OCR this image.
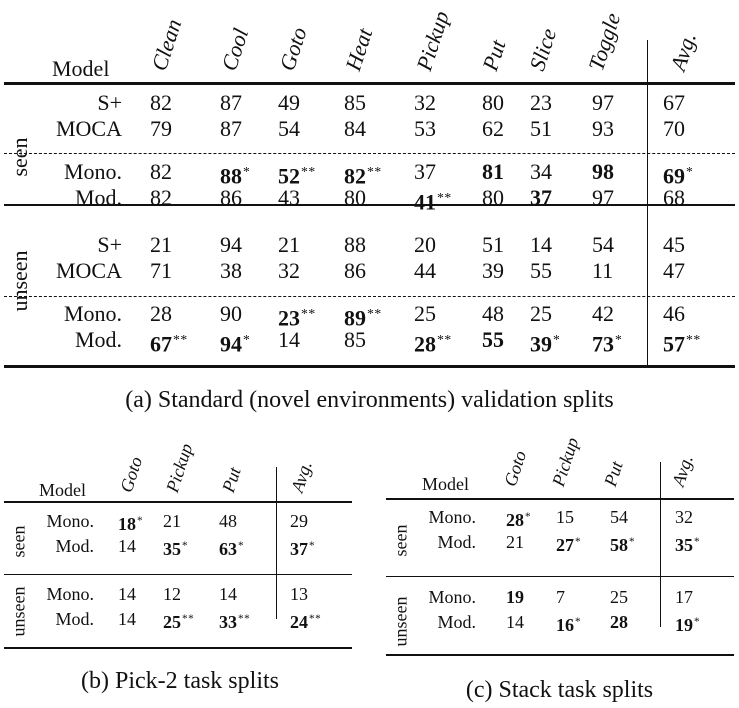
Model	Clean Cool Goto Heat Pickup Put Slice Toggle Avg.
seen
unseen
S+ 82 87 49 85 32 80 23 97 67
MOCA 79 87 54 84 53 62 51 93 70
Mono. 82 88* 52** 82** 37 81 34 98 69*
Mod. 82 86 43 80 41** 80 37 97 68
S+ 21 94 21 88 20 51 14 54 45
MOCA 71 38 32 86 44 39 55 11 47
Mono. 28 90 23** 89** 25 48 25 42 46
Mod. 67** 94* 14 85 28** 55 39* 73* 57**
(a) Standard (novel environments) validation splits
Model	Goto Pickup Put Avg.
seen
unseen
Mono. 18* 21 48	29
Mod. 14 35* 63*	37*
Mono. 14 12 14	13
Mod. 14 25** 33** 24**
(b) Pick-2 task splits
Model	Goto Pickup Put Avg.
seen
unseen
Mono. 28* 15 54	32
Mod. 21 27* 58* 35*
Mono. 19 7	25	17
Mod. 14 16* 28	19*
(c) Stack task splits
